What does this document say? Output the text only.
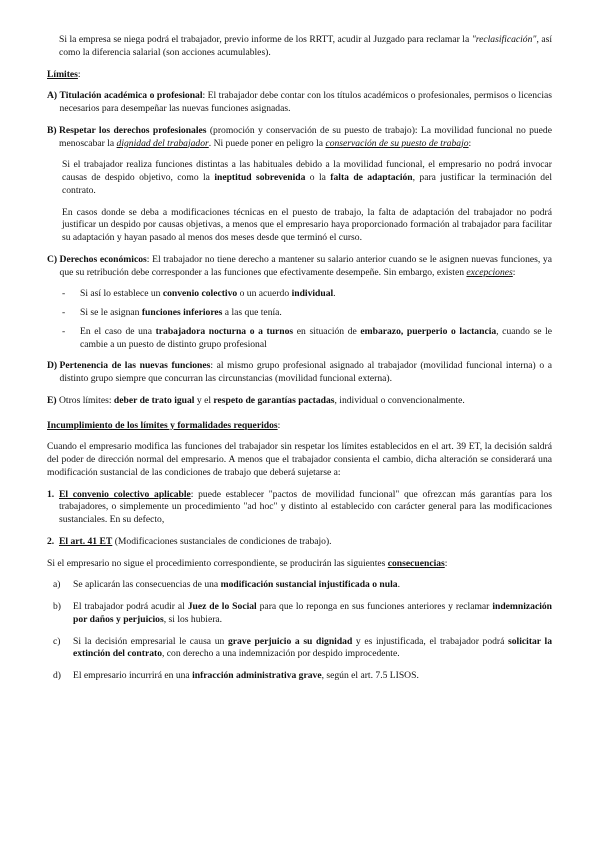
Si la empresa se niega podrá el trabajador, previo informe de los RRTT, acudir al Juzgado para reclamar la "reclasificación", así como la diferencia salarial (son acciones acumulables).

Límites:

A) Titulación académica o profesional: El trabajador debe contar con los títulos académicos o profesionales, permisos o licencias necesarios para desempeñar las nuevas funciones asignadas.

B) Respetar los derechos profesionales (promoción y conservación de su puesto de trabajo): La movilidad funcional no puede menoscabar la dignidad del trabajador. Ni puede poner en peligro la conservación de su puesto de trabajo:

Si el trabajador realiza funciones distintas a las habituales debido a la movilidad funcional, el empresario no podrá invocar causas de despido objetivo, como la ineptitud sobrevenida o la falta de adaptación, para justificar la terminación del contrato.

En casos donde se deba a modificaciones técnicas en el puesto de trabajo, la falta de adaptación del trabajador no podrá justificar un despido por causas objetivas, a menos que el empresario haya proporcionado formación al trabajador para facilitar su adaptación y hayan pasado al menos dos meses desde que terminó el curso.

C) Derechos económicos: El trabajador no tiene derecho a mantener su salario anterior cuando se le asignen nuevas funciones, ya que su retribución debe corresponder a las funciones que efectivamente desempeñe. Sin embargo, existen excepciones:

-	Si así lo establece un convenio colectivo o un acuerdo individual.

-	Si se le asignan funciones inferiores a las que tenía.

-	En el caso de una trabajadora nocturna o a turnos en situación de embarazo, puerperio o lactancia, cuando se le cambie a un puesto de distinto grupo profesional

D) Pertenencia de las nuevas funciones: al mismo grupo profesional asignado al trabajador (movilidad funcional interna) o a distinto grupo siempre que concurran las circunstancias (movilidad funcional externa).

E) Otros límites: deber de trato igual y el respeto de garantías pactadas, individual o convencionalmente.

Incumplimiento de los límites y formalidades requeridos:

Cuando el empresario modifica las funciones del trabajador sin respetar los límites establecidos en el art. 39 ET, la decisión saldrá del poder de dirección normal del empresario. A menos que el trabajador consienta el cambio, dicha alteración se considerará una modificación sustancial de las condiciones de trabajo que deberá sujetarse a:

1. El convenio colectivo aplicable: puede establecer "pactos de movilidad funcional" que ofrezcan más garantías para los trabajadores, o simplemente un procedimiento "ad hoc" y distinto al establecido con carácter general para las modificaciones sustanciales. En su defecto,

2. El art. 41 ET (Modificaciones sustanciales de condiciones de trabajo).

Si el empresario no sigue el procedimiento correspondiente, se producirán las siguientes consecuencias:

a)	Se aplicarán las consecuencias de una modificación sustancial injustificada o nula.

b)	El trabajador podrá acudir al Juez de lo Social para que lo reponga en sus funciones anteriores y reclamar indemnización por daños y perjuicios, si los hubiera.

c)	Si la decisión empresarial le causa un grave perjuicio a su dignidad y es injustificada, el trabajador podrá solicitar la extinción del contrato, con derecho a una indemnización por despido improcedente.

d)	El empresario incurrirá en una infracción administrativa grave, según el art. 7.5 LISOS.
